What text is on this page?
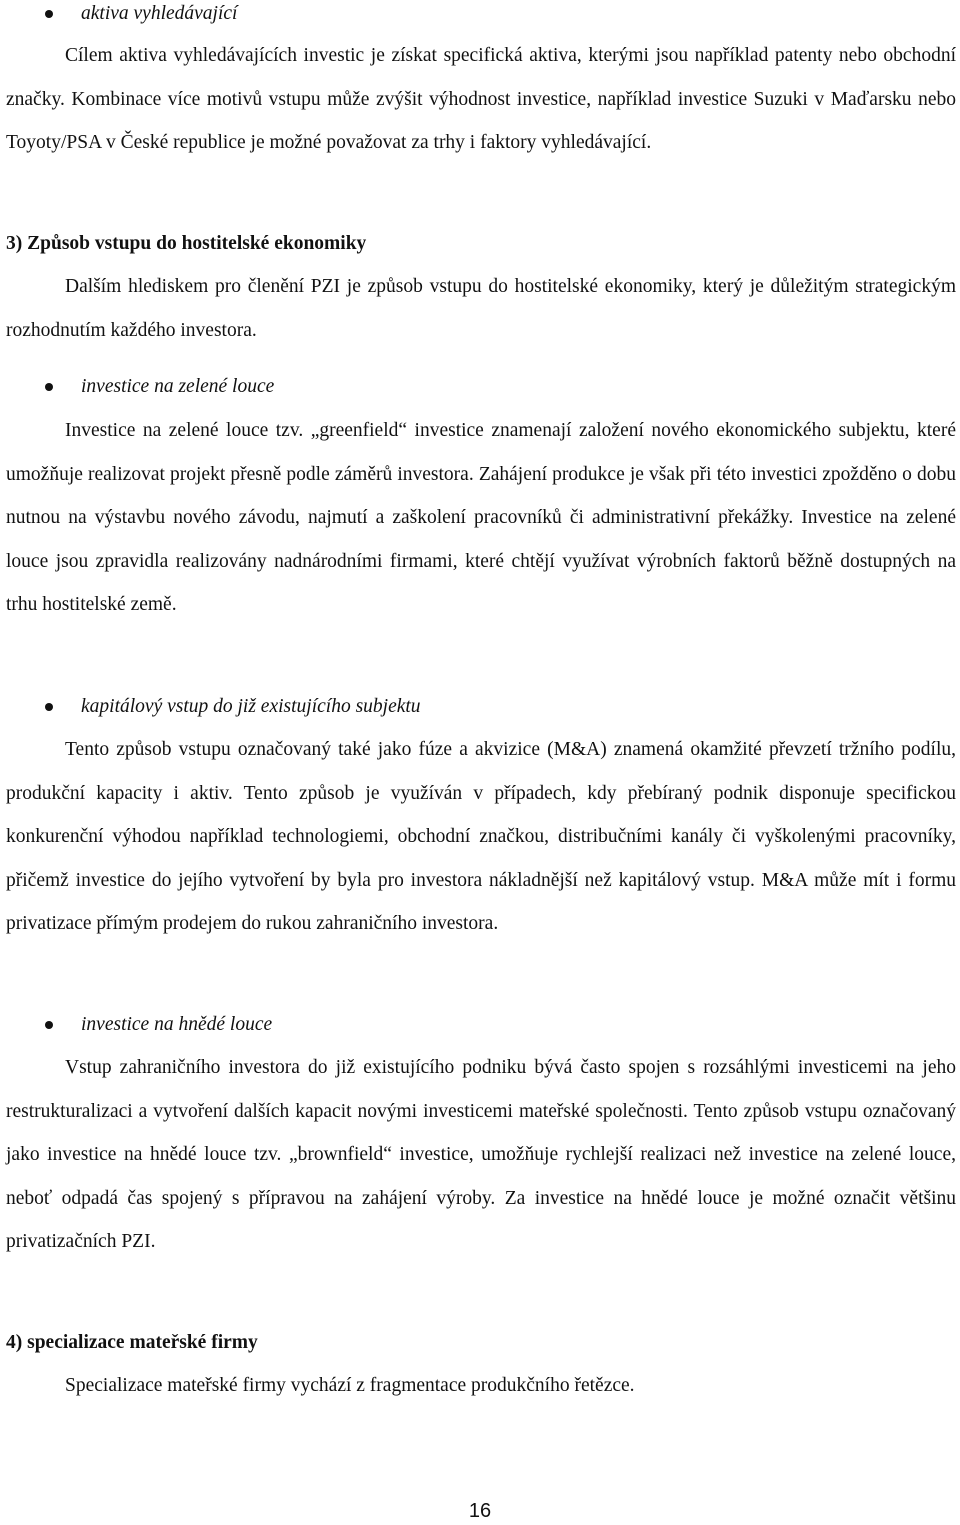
aktiva vyhledávající

Cílem aktiva vyhledávajících investic je získat specifická aktiva, kterými jsou například patenty nebo obchodní značky. Kombinace více motivů vstupu může zvýšit výhodnost investice, například investice Suzuki v Maďarsku nebo Toyoty/PSA v České republice je možné považovat za trhy i faktory vyhledávající.

3) Způsob vstupu do hostitelské ekonomiky

Dalším hlediskem pro členění PZI je způsob vstupu do hostitelské ekonomiky, který je důležitým strategickým rozhodnutím každého investora.

investice na zelené louce

Investice na zelené louce tzv. „greenfield“ investice znamenají založení nového ekonomického subjektu, které umožňuje realizovat projekt přesně podle záměrů investora. Zahájení produkce je však při této investici zpožděno o dobu nutnou na výstavbu nového závodu, najmutí a zaškolení pracovníků či administrativní překážky. Investice na zelené louce jsou zpravidla realizovány nadnárodními firmami, které chtějí využívat výrobních faktorů běžně dostupných na trhu hostitelské země.

kapitálový vstup do již existujícího subjektu

Tento způsob vstupu označovaný také jako fúze a akvizice (M&A) znamená okamžité převzetí tržního podílu, produkční kapacity i aktiv. Tento způsob je využíván v případech, kdy přebíraný podnik disponuje specifickou konkurenční výhodou například technologiemi, obchodní značkou, distribučními kanály či vyškolenými pracovníky, přičemž investice do jejího vytvoření by byla pro investora nákladnější než kapitálový vstup. M&A může mít i formu privatizace přímým prodejem do rukou zahraničního investora.

investice na hnědé louce

Vstup zahraničního investora do již existujícího podniku bývá často spojen s rozsáhlými investicemi na jeho restrukturalizaci a vytvoření dalších kapacit novými investicemi mateřské společnosti. Tento způsob vstupu označovaný jako investice na hnědé louce tzv. „brownfield“ investice, umožňuje rychlejší realizaci než investice na zelené louce, neboť odpadá čas spojený s přípravou na zahájení výroby. Za investice na hnědé louce je možné označit většinu privatizačních PZI.

4) specializace mateřské firmy

Specializace mateřské firmy vychází z fragmentace produkčního řetězce.

16
